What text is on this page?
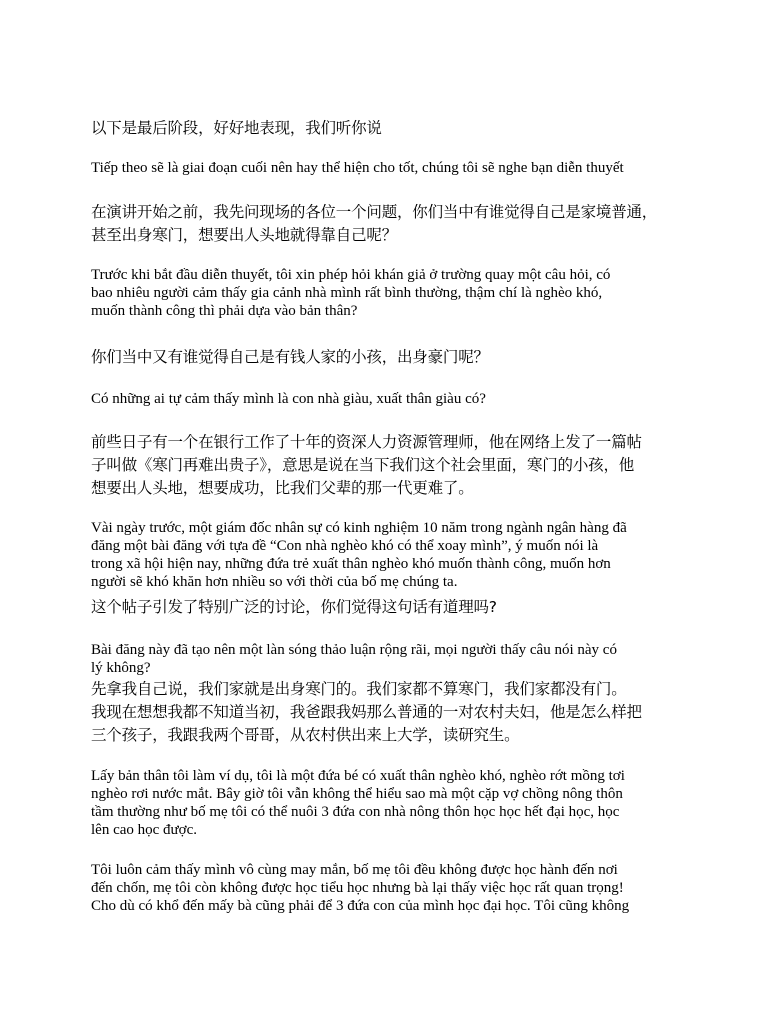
以下是最后阶段，好好地表现，我们听你说
Tiếp theo sẽ là giai đoạn cuối nên hay thể hiện cho tốt, chúng tôi sẽ nghe bạn diễn thuyết
在演讲开始之前，我先问现场的各位一个问题，你们当中有谁觉得自己是家境普通，
甚至出身寒门，想要出人头地就得靠自己呢？
Trước khi bắt đầu diễn thuyết, tôi xin phép hỏi khán giả ở trường quay một câu hỏi, có
bao nhiêu người cảm thấy gia cảnh nhà mình rất bình thường, thậm chí là nghèo khó,
muốn thành công thì phải dựa vào bản thân?
你们当中又有谁觉得自己是有钱人家的小孩，出身豪门呢？
Có những ai tự cảm thấy mình là con nhà giàu, xuất thân giàu có?
前些日子有一个在银行工作了十年的资深人力资源管理师，他在网络上发了一篇帖
子叫做《寒门再难出贵子》，意思是说在当下我们这个社会里面，寒门的小孩，他
想要出人头地，想要成功，比我们父辈的那一代更难了。
Vài ngày trước, một giám đốc nhân sự có kinh nghiệm 10 năm trong ngành ngân hàng đã
đăng một bài đăng với tựa đề “Con nhà nghèo khó có thể xoay mình”, ý muốn nói là
trong xã hội hiện nay, những đứa trẻ xuất thân nghèo khó muốn thành công, muốn hơn
người sẽ khó khăn hơn nhiều so với thời của bố mẹ chúng ta.
这个帖子引发了特别广泛的讨论，你们觉得这句话有道理吗?
Bài đăng này đã tạo nên một làn sóng thảo luận rộng rãi, mọi người thấy câu nói này có
lý không?
先拿我自己说，我们家就是出身寒门的。我们家都不算寒门，我们家都没有门。
我现在想想我都不知道当初，我爸跟我妈那么普通的一对农村夫妇，他是怎么样把
三个孩子，我跟我两个哥哥，从农村供出来上大学，读研究生。
Lấy bản thân tôi làm ví dụ, tôi là một đứa bé có xuất thân nghèo khó, nghèo rớt mồng tơi
nghèo rơi nước mắt. Bây giờ tôi vẫn không thể hiểu sao mà một cặp vợ chồng nông thôn
tầm thường như bố mẹ tôi có thể nuôi 3 đứa con nhà nông thôn học học hết đại học, học
lên cao học được.
Tôi luôn cảm thấy mình vô cùng may mắn, bố mẹ tôi đều không được học hành đến nơi
đến chốn, mẹ tôi còn không được học tiểu học nhưng bà lại thấy việc học rất quan trọng!
Cho dù có khổ đến mấy bà cũng phải để 3 đứa con của mình học đại học. Tôi cũng không
